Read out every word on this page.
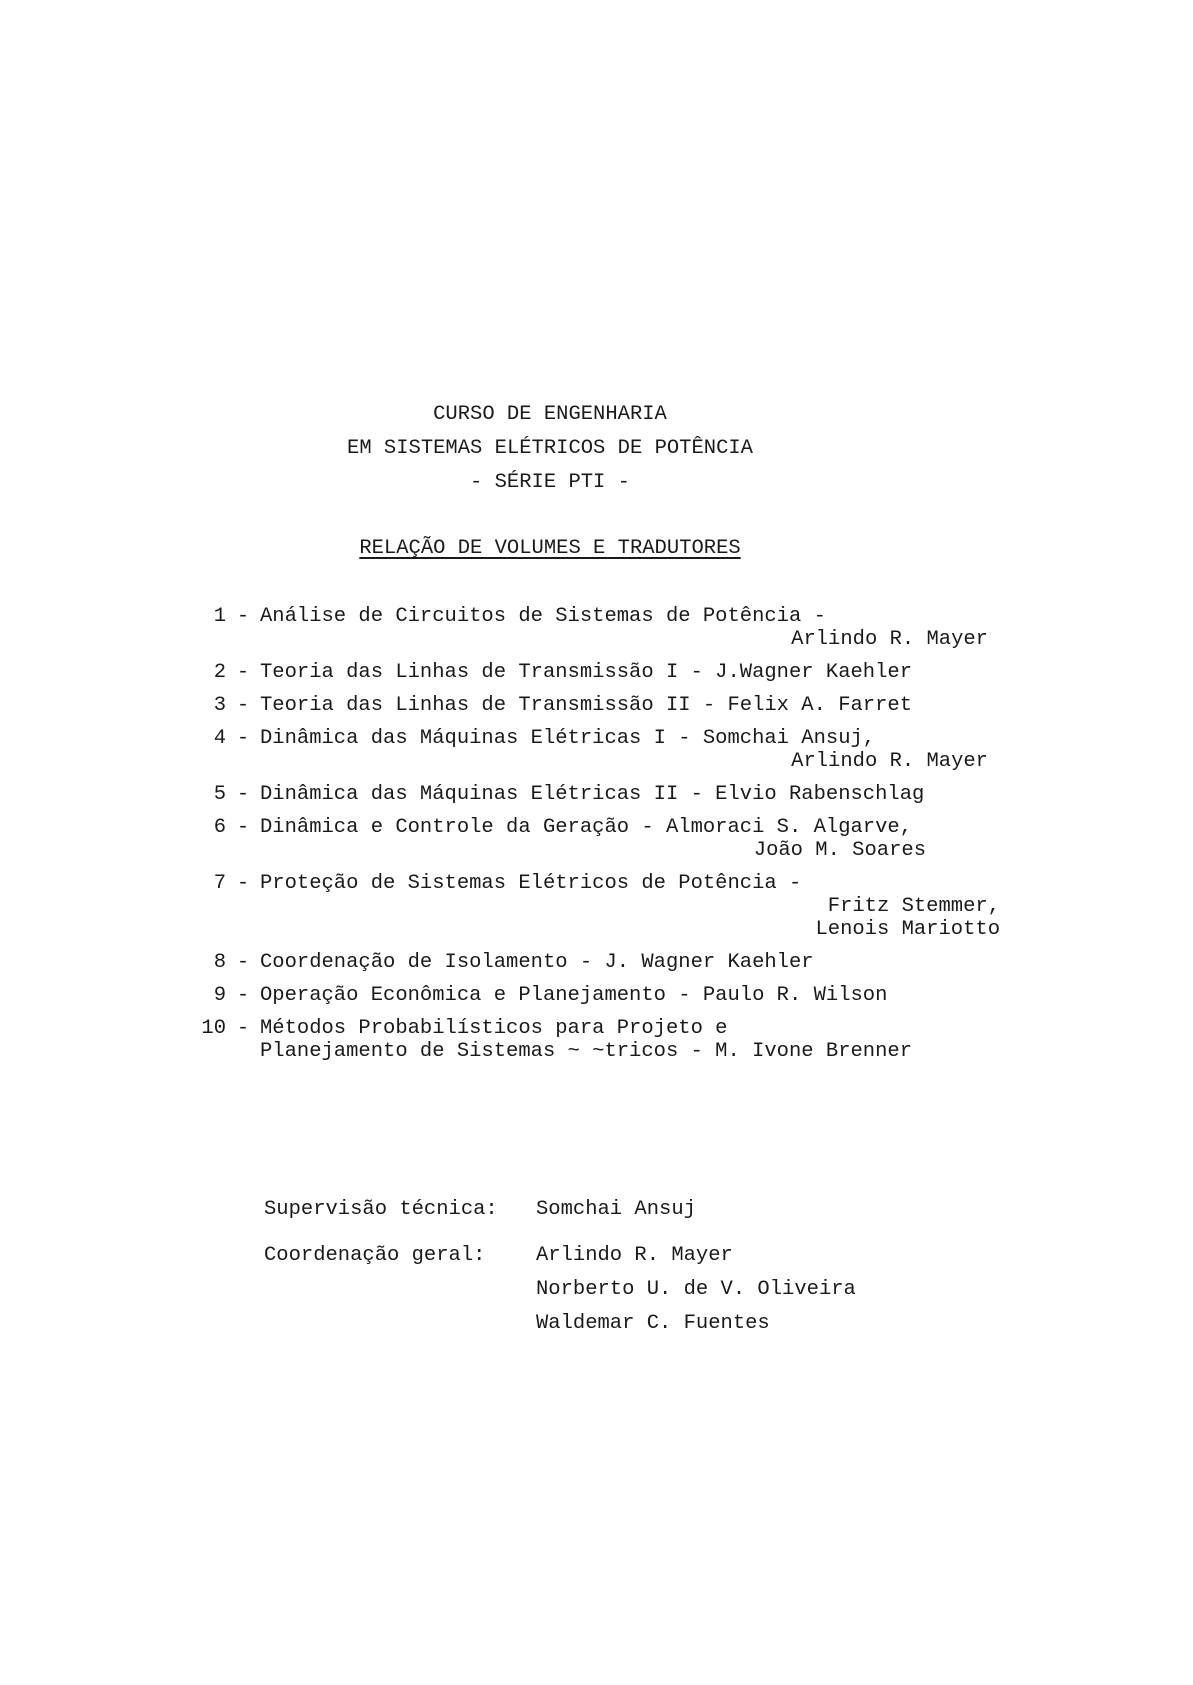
CURSO DE ENGENHARIA
EM SISTEMAS ELÉTRICOS DE POTÊNCIA
- SÉRIE PTI -
RELAÇÃO DE VOLUMES E TRADUTORES
1 - Análise de Circuitos de Sistemas de Potência -
Arlindo R. Mayer
2 - Teoria das Linhas de Transmissão I - J.Wagner Kaehler
3 - Teoria das Linhas de Transmissão II - Felix A. Farret
4 - Dinâmica das Máquinas Elétricas I - Somchai Ansuj,
Arlindo R. Mayer
5 - Dinâmica das Máquinas Elétricas II - Elvio Rabenschlag
6 - Dinâmica e Controle da Geração - Almoraci S. Algarve,
João M. Soares
7 - Proteção de Sistemas Elétricos de Potência -
Fritz Stemmer,
Lenois Mariotto
8 - Coordenação de Isolamento - J. Wagner Kaehler
9 - Operação Econômica e Planejamento - Paulo R. Wilson
10 - Métodos Probabilísticos para Projeto e
Planejamento de Sistemas ~ ~tricos - M. Ivone Brenner
Supervisão técnica:	Somchai Ansuj
Coordenação geral:	Arlindo R. Mayer
Norberto U. de V. Oliveira
Waldemar C. Fuentes
